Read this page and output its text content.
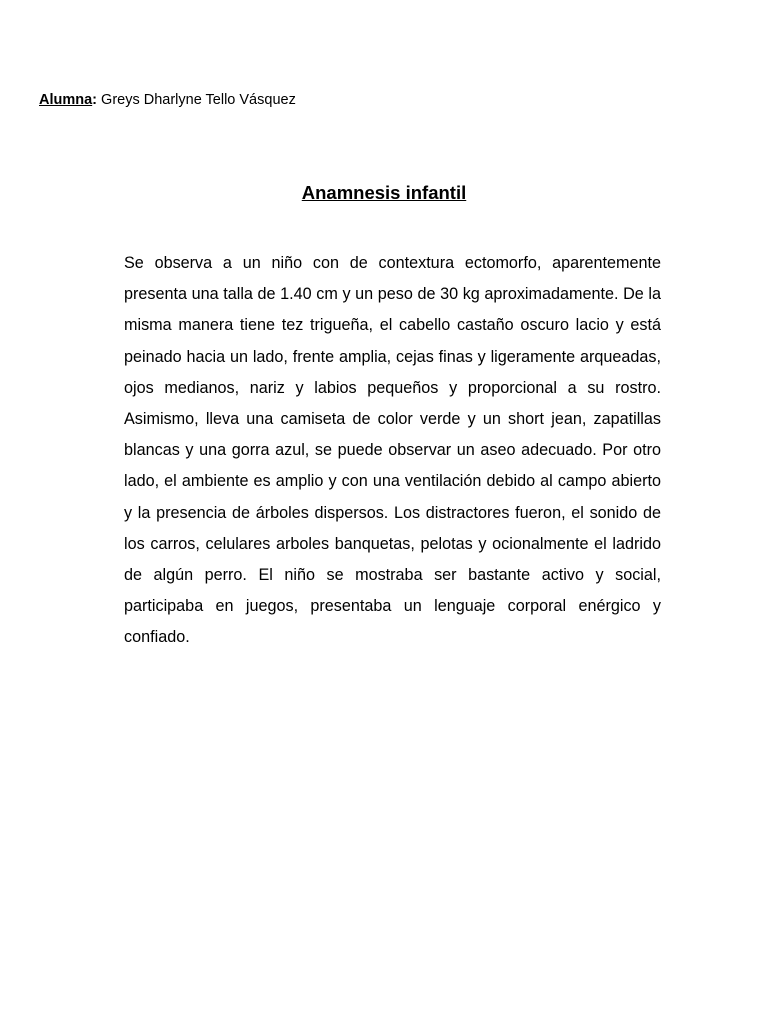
Alumna: Greys Dharlyne Tello Vásquez
Anamnesis infantil

Se observa a un niño con de contextura ectomorfo, aparentemente presenta una talla de 1.40 cm y un peso de 30 kg aproximadamente. De la misma manera tiene tez trigueña, el cabello castaño oscuro lacio y está peinado hacia un lado, frente amplia, cejas finas y ligeramente arqueadas, ojos medianos, nariz y labios pequeños y proporcional a su rostro. Asimismo, lleva una camiseta de color verde y un short jean, zapatillas blancas y una gorra azul, se puede observar un aseo adecuado. Por otro lado, el ambiente es amplio y con una ventilación debido al campo abierto y la presencia de árboles dispersos. Los distractores fueron, el sonido de los carros, celulares arboles banquetas, pelotas y ocionalmente el ladrido de algún perro. El niño se mostraba ser bastante activo y social, participaba en juegos, presentaba un lenguaje corporal enérgico y confiado.
